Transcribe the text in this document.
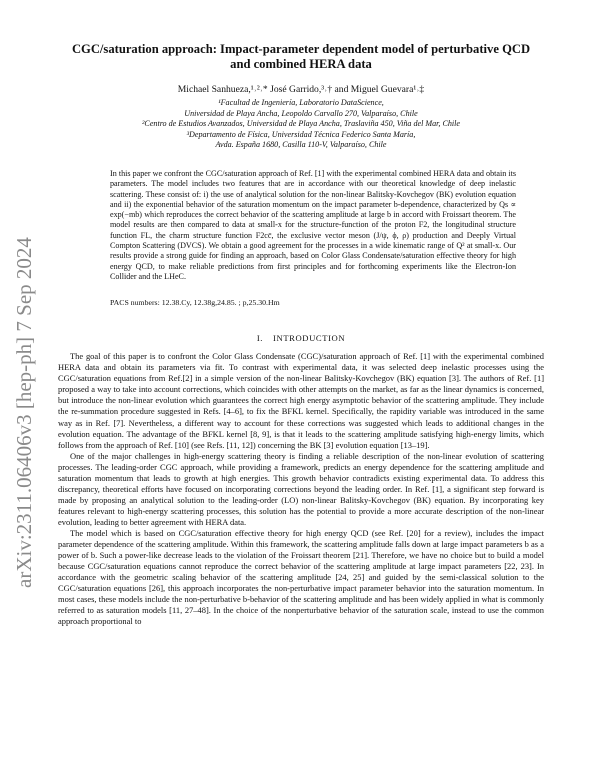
arXiv:2311.06406v3 [hep-ph] 7 Sep 2024
CGC/saturation approach: Impact-parameter dependent model of perturbative QCD and combined HERA data
Michael Sanhueza,¹˒²˒* José Garrido,³˒† and Miguel Guevara¹˒‡
¹Facultad de Ingeniería, Laboratorio DataScience,
Universidad de Playa Ancha, Leopoldo Carvallo 270, Valparaíso, Chile
²Centro de Estudios Avanzados, Universidad de Playa Ancha, Traslaviña 450, Viña del Mar, Chile
³Departamento de Física, Universidad Técnica Federico Santa María,
Avda. España 1680, Casilla 110-V, Valparaíso, Chile
In this paper we confront the CGC/saturation approach of Ref. [1] with the experimental combined HERA data and obtain its parameters. The model includes two features that are in accordance with our theoretical knowledge of deep inelastic scattering. These consist of: i) the use of analytical solution for the non-linear Balitsky-Kovchegov (BK) evolution equation and ii) the exponential behavior of the saturation momentum on the impact parameter b-dependence, characterized by Qs ∝ exp(−mb) which reproduces the correct behavior of the scattering amplitude at large b in accord with Froissart theorem. The model results are then compared to data at small-x for the structure-function of the proton F2, the longitudinal structure function FL, the charm structure function F2cc̄, the exclusive vector meson (J/ψ, ϕ, ρ) production and Deeply Virtual Compton Scattering (DVCS). We obtain a good agreement for the processes in a wide kinematic range of Q² at small-x. Our results provide a strong guide for finding an approach, based on Color Glass Condensate/saturation effective theory for high energy QCD, to make reliable predictions from first principles and for forthcoming experiments like the Electron-Ion Collider and the LHeC.
PACS numbers: 12.38.Cy, 12.38g,24.85. ; p,25.30.Hm
I. INTRODUCTION

The goal of this paper is to confront the Color Glass Condensate (CGC)/saturation approach of Ref. [1] with the experimental combined HERA data and obtain its parameters via fit. To contrast with experimental data, it was selected deep inelastic processes using the CGC/saturation equations from Ref.[2] in a simple version of the non-linear Balitsky-Kovchegov (BK) equation [3]. The authors of Ref. [1] proposed a way to take into account corrections, which coincides with other attempts on the market, as far as the linear dynamics is concerned, but introduce the non-linear evolution which guarantees the correct high energy asymptotic behavior of the scattering amplitude. They include the re-summation procedure suggested in Refs. [4–6], to fix the BFKL kernel. Specifically, the rapidity variable was introduced in the same way as in Ref. [7]. Nevertheless, a different way to account for these corrections was suggested which leads to additional changes in the evolution equation. The advantage of the BFKL kernel [8, 9], is that it leads to the scattering amplitude satisfying high-energy limits, which follows from the approach of Ref. [10] (see Refs. [11, 12]) concerning the BK [3] evolution equation [13–19].

One of the major challenges in high-energy scattering theory is finding a reliable description of the non-linear evolution of scattering processes. The leading-order CGC approach, while providing a framework, predicts an energy dependence for the scattering amplitude and saturation momentum that leads to growth at high energies. This growth behavior contradicts existing experimental data. To address this discrepancy, theoretical efforts have focused on incorporating corrections beyond the leading order. In Ref. [1], a significant step forward is made by proposing an analytical solution to the leading-order (LO) non-linear Balitsky-Kovchegov (BK) equation. By incorporating key features relevant to high-energy scattering processes, this solution has the potential to provide a more accurate description of the non-linear evolution, leading to better agreement with HERA data.

The model which is based on CGC/saturation effective theory for high energy QCD (see Ref. [20] for a review), includes the impact parameter dependence of the scattering amplitude. Within this framework, the scattering amplitude falls down at large impact parameters b as a power of b. Such a power-like decrease leads to the violation of the Froissart theorem [21]. Therefore, we have no choice but to build a model because CGC/saturation equations cannot reproduce the correct behavior of the scattering amplitude at large impact parameters [22, 23]. In accordance with the geometric scaling behavior of the scattering amplitude [24, 25] and guided by the semi-classical solution to the CGC/saturation equations [26], this approach incorporates the non-perturbative impact parameter behavior into the saturation momentum. In most cases, these models include the non-perturbative b-behavior of the scattering amplitude and has been widely applied in what is commonly referred to as saturation models [11, 27–48]. In the choice of the nonperturbative behavior of the saturation scale, instead to use the common approach proportional to
